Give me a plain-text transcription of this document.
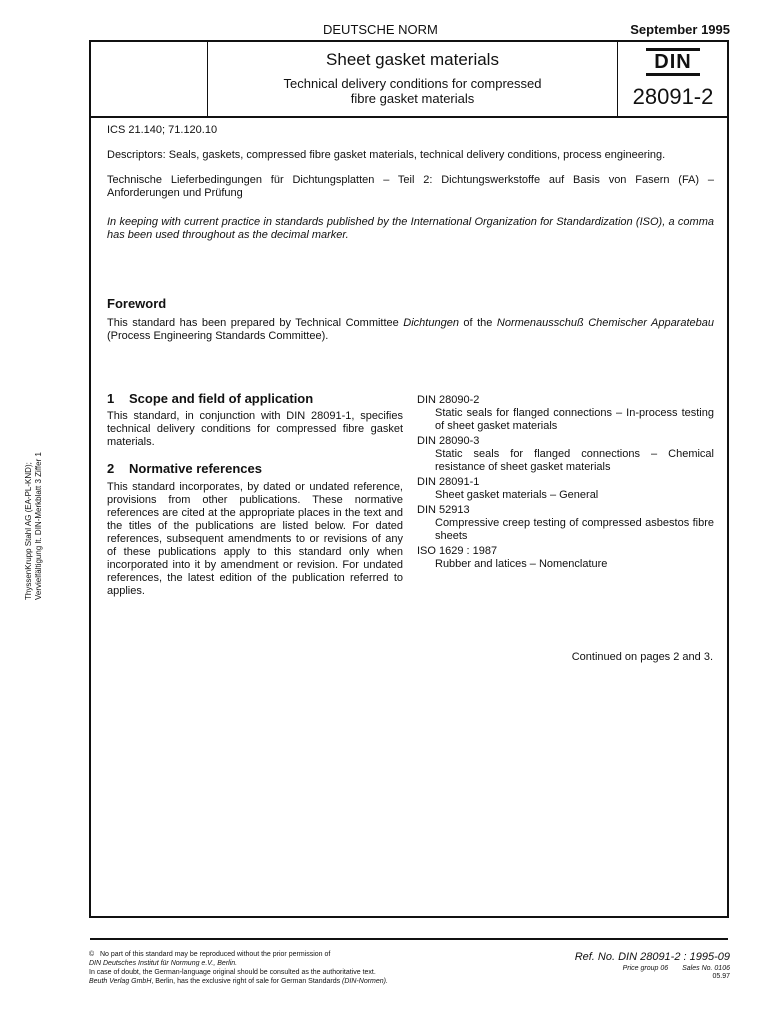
DEUTSCHE NORM	September 1995
Sheet gasket materials
Technical delivery conditions for compressed
fibre gasket materials
DIN
28091-2
ICS 21.140; 71.120.10
Descriptors: Seals, gaskets, compressed fibre gasket materials, technical delivery conditions, process engineering.
Technische Lieferbedingungen für Dichtungsplatten – Teil 2: Dichtungswerkstoffe auf Basis von Fasern (FA) – Anforderungen und Prüfung
In keeping with current practice in standards published by the International Organization for Standardization (ISO), a comma has been used throughout as the decimal marker.
Foreword
This standard has been prepared by Technical Committee Dichtungen of the Normenausschuß Chemischer Apparatebau (Process Engineering Standards Committee).
1 Scope and field of application
This standard, in conjunction with DIN 28091-1, specifies technical delivery conditions for compressed fibre gasket materials.
2 Normative references
This standard incorporates, by dated or undated reference, provisions from other publications. These normative references are cited at the appropriate places in the text and the titles of the publications are listed below. For dated references, subsequent amendments to or revisions of any of these publications apply to this standard only when incorporated into it by amendment or revision. For undated references, the latest edition of the publication referred to applies.
DIN 28090-2
Static seals for flanged connections – In-process testing of sheet gasket materials
DIN 28090-3
Static seals for flanged connections – Chemical resistance of sheet gasket materials
DIN 28091-1
Sheet gasket materials – General
DIN 52913
Compressive creep testing of compressed asbestos fibre sheets
ISO 1629 : 1987
Rubber and latices – Nomenclature
Continued on pages 2 and 3.
© No part of this standard may be reproduced without the prior permission of
DIN Deutsches Institut für Normung e.V., Berlin.
In case of doubt, the German-language original should be consulted as the authoritative text.
Beuth Verlag GmbH, Berlin, has the exclusive right of sale for German Standards (DIN-Normen).
Ref. No. DIN 28091-2 : 1995-09
Price group 06 Sales No. 0106
05.97
ThyssenKrupp Stahl AG (EA-PL-KND); Vervielfältigung lt. DIN-Merkblatt 3 Ziffer 1
